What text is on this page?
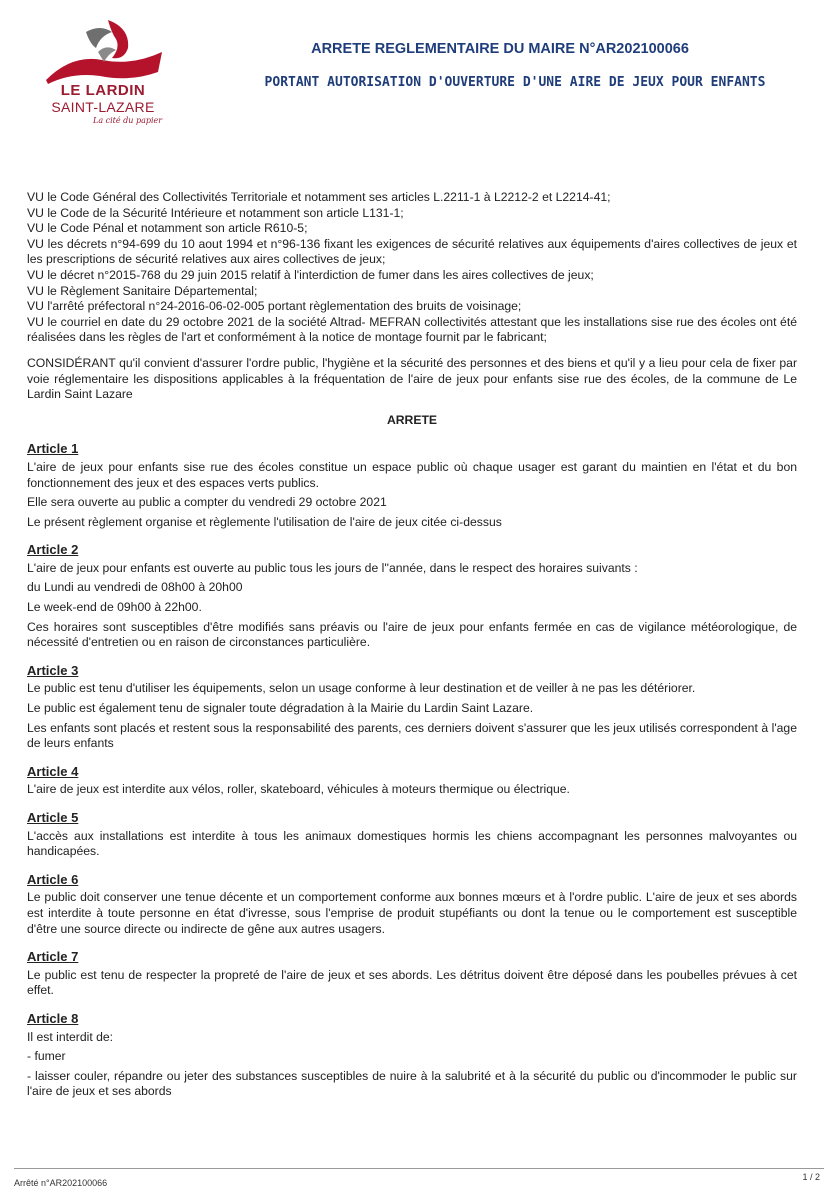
LE LARDIN
SAINT-LAZARE
La cité du papier
ARRETE REGLEMENTAIRE DU MAIRE N°AR202100066
PORTANT AUTORISATION D'OUVERTURE D'UNE AIRE DE JEUX POUR ENFANTS

VU le Code Général des Collectivités Territoriale et notamment ses articles L.2211-1 à L2212-2 et L2214-41;

VU le Code de la Sécurité Intérieure et notamment son article L131-1;

VU le Code Pénal et notamment son article R610-5;

VU les décrets n°94-699 du 10 aout 1994 et n°96-136 fixant les exigences de sécurité relatives aux équipements d'aires collectives de jeux et les prescriptions de sécurité relatives aux aires collectives de jeux;

VU le décret n°2015-768 du 29 juin 2015 relatif à l'interdiction de fumer dans les aires collectives de jeux;

VU le Règlement Sanitaire Départemental;

VU l'arrêté préfectoral n°24-2016-06-02-005 portant règlementation des bruits de voisinage;

VU le courriel en date du 29 octobre 2021 de la société Altrad- MEFRAN collectivités attestant que les installations sise rue des écoles ont été réalisées dans les règles de l'art et conformément à la notice de montage fournit par le fabricant;

CONSIDÉRANT qu'il convient d'assurer l'ordre public, l'hygiène et la sécurité des personnes et des biens et qu'il y a lieu pour cela de fixer par voie réglementaire les dispositions applicables à la fréquentation de l'aire de jeux pour enfants sise rue des écoles, de la commune de Le Lardin Saint Lazare

ARRETE
Article 1

L'aire de jeux pour enfants sise rue des écoles constitue un espace public où chaque usager est garant du maintien en l'état et du bon fonctionnement des jeux et des espaces verts publics.

Elle sera ouverte au public a compter du vendredi 29 octobre 2021

Le présent règlement organise et règlemente l'utilisation de l'aire de jeux citée ci-dessus

Article 2

L'aire de jeux pour enfants est ouverte au public tous les jours de l''année, dans le respect des horaires suivants :

du Lundi au vendredi de 08h00 à 20h00

Le week-end de 09h00 à 22h00.

Ces horaires sont susceptibles d'être modifiés sans préavis ou l'aire de jeux pour enfants fermée en cas de vigilance météorologique, de nécessité d'entretien ou en raison de circonstances particulière.

Article 3

Le public est tenu d'utiliser les équipements, selon un usage conforme à leur destination et de veiller à ne pas les détériorer.

Le public est également tenu de signaler toute dégradation à la Mairie du Lardin Saint Lazare.

Les enfants sont placés et restent sous la responsabilité des parents, ces derniers doivent s'assurer que les jeux utilisés correspondent à l'age de leurs enfants

Article 4

L'aire de jeux est interdite aux vélos, roller, skateboard, véhicules à moteurs thermique ou électrique.

Article 5

L'accès aux installations est interdite à tous les animaux domestiques hormis les chiens accompagnant les personnes malvoyantes ou handicapées.

Article 6

Le public doit conserver une tenue décente et un comportement conforme aux bonnes mœurs et à l'ordre public. L'aire de jeux et ses abords est interdite à toute personne en état d'ivresse, sous l'emprise de produit stupéfiants ou dont la tenue ou le comportement est susceptible d'être une source directe ou indirecte de gêne aux autres usagers.

Article 7

Le public est tenu de respecter la propreté de l'aire de jeux et ses abords. Les détritus doivent être déposé dans les poubelles prévues à cet effet.

Article 8

Il est interdit de:

- fumer

- laisser couler, répandre ou jeter des substances susceptibles de nuire à la salubrité et à la sécurité du public ou d'incommoder le public sur l'aire de jeux et ses abords

Arrêté n°AR202100066
1 / 2
